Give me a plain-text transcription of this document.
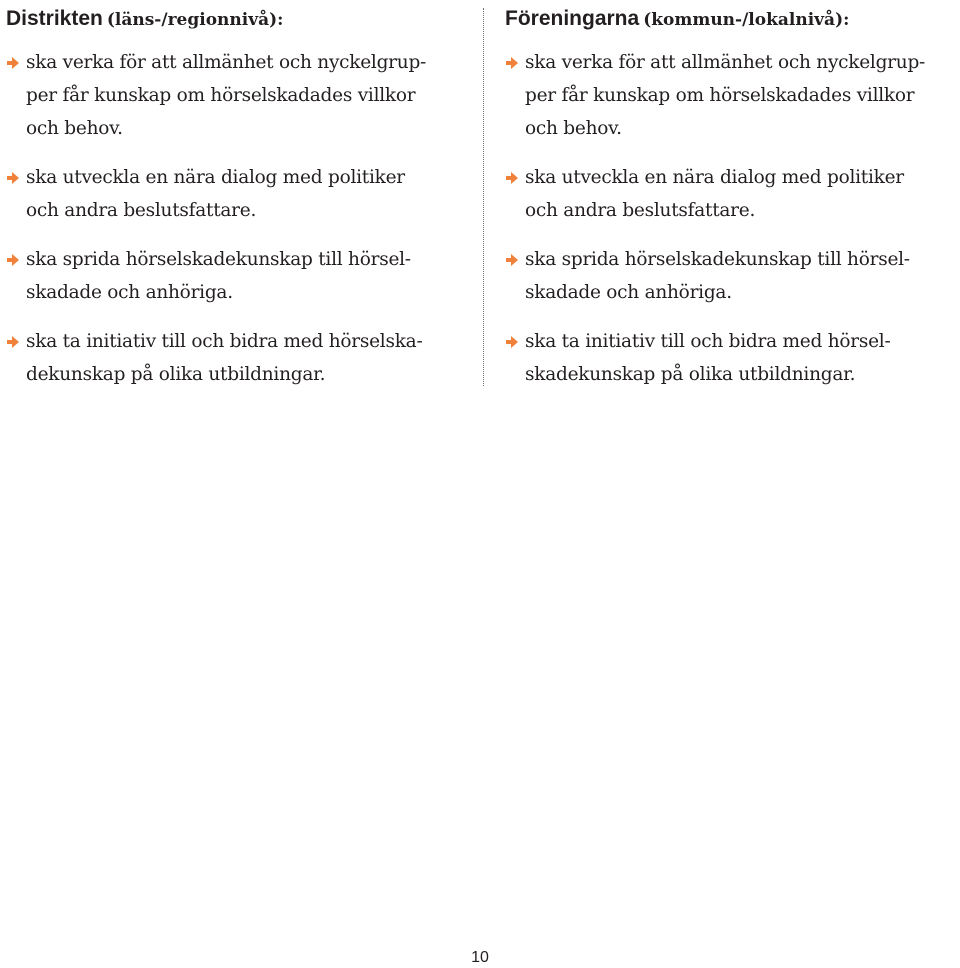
Distrikten (läns-/regionnivå):
ska verka för att allmänhet och nyckelgrup-
per får kunskap om hörselskadades villkor
och behov.
ska utveckla en nära dialog med politiker
och andra beslutsfattare.
ska sprida hörselskadekunskap till hörsel-
skadade och anhöriga.
ska ta initiativ till och bidra med hörselska-
dekunskap på olika utbildningar.
Föreningarna (kommun-/lokalnivå):
ska verka för att allmänhet och nyckelgrup-
per får kunskap om hörselskadades villkor
och behov.
ska utveckla en nära dialog med politiker
och andra beslutsfattare.
ska sprida hörselskadekunskap till hörsel-
skadade och anhöriga.
ska ta initiativ till och bidra med hörsel-
skadekunskap på olika utbildningar.
10
